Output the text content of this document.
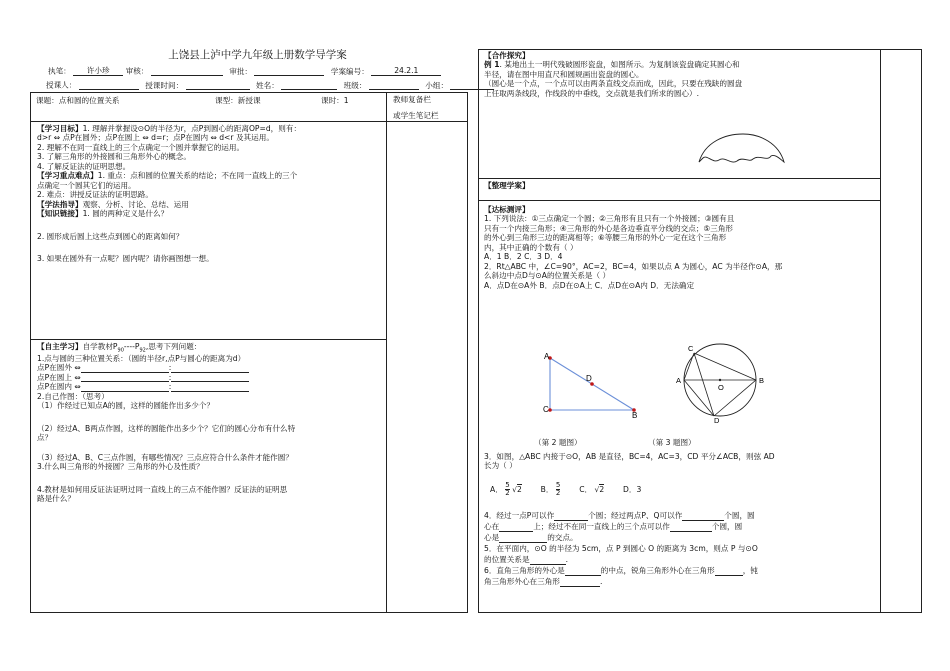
上饶县上泸中学九年级上册数学导学案
执笔： 许小珍 审核：	审批：	学案编号：	24.2.1
授课人：	授课时间：	姓名：	班级：	小组：
课题：点和圆的位置关系	课型：新授课	课时：1	教师复备栏
或学生笔记栏
【学习目标】1. 理解并掌握设⊙O的半径为r，点P到圆心的距离OP=d，则有：
d>r ⇔ 点P在圆外；点P在圆上 ⇔ d=r；点P在圆内 ⇔ d<r 及其运用。
2. 理解不在同一直线上的三个点确定一个圆并掌握它的运用。
3. 了解三角形的外接圆和三角形外心的概念。
4. 了解反证法的证明思想。
【学习重点难点】1. 重点：点和圆的位置关系的结论；不在同一直线上的三个
点确定一个圆其它们的运用。
2. 难点：讲授反证法的证明思路。
【学法指导】观察、分析、讨论、总结、运用
【知识链接】1. 圆的两种定义是什么？
2. 圆形成后圆上这些点到圆心的距离如何？
3. 如果在圆外有一点呢？圆内呢？请你画图想一想。
【自主学习】自学教材$P_{90}----P_{92}$,思考下列问题：
1.点与圆的三种位置关系：（圆的半径r,点P与圆心的距离为d）
点P在圆外 ⇔	:
点P在圆上 ⇔	:
点P在圆内 ⇔	:
2.自己作图：（思考）
（1）作经过已知点A的圆，这样的圆能作出多少个？
（2）经过A、B两点作圆，这样的圆能作出多少个？它们的圆心分布有什么特
点？
（3）经过A、B、C三点作圆，有哪些情况？三点应符合什么条件才能作圆？
3.什么叫三角形的外接圆？三角形的外心及性质？
4.教材是如何用反证法证明过同一直线上的三点不能作圆？反证法的证明思
路是什么？
【合作探究】
例 1. 某地出土一明代残破圆形瓷盘，如图所示。为复制该瓷盘确定其圆心和
半径，请在图中用直尺和圆规画出瓷盘的圆心。
（圆心是一个点，一个点可以由两条直线交点而成，因此，只要在残缺的圆盘
上任取两条线段，作线段的中垂线，交点就是我们所求的圆心）.
【整理学案】
【达标测评】
1. 下列说法：①三点确定一个圆；②三角形有且只有一个外接圆；③圆有且
只有一个内接三角形；④三角形的外心是各边垂直平分线的交点；⑤三角形
的外心到三角形三边的距离相等；⑥等腰三角形的外心一定在这个三角形
内，其中正确的个数有（ ）
A．1 B．2 C．3 D．4
2．Rt△ABC 中，∠C=90°，AC=2，BC=4，如果以点 A 为圆心，AC 为半径作⊙A，那
么斜边中点D与⊙A的位置关系是（ ）
A．点D在⊙A外 B．点D在⊙A上 C．点D在⊙A内 D．无法确定
A
C
B
D	A	B
C
D
O
（第 2 题图）	（第 3 题图）
3．如图，△ABC 内接于⊙O，AB 是直径，BC=4，AC=3，CD 平分∠ACB，则弦 AD
长为（ ）
A． $\frac{5}{2} √2$ B． $\frac{5}{2}$ C． √2 D．3
4．经过一点P可以作	个圆；经过两点P、Q可以作	个圆，圆
心在	上；经过不在同一直线上的三个点可以作	个圆，圆
心是	的交点。
5．在平面内，⊙O 的半径为 5cm，点 P 到圆心 O 的距离为 3cm，则点 P 与⊙O
的位置关系是	.
6．直角三角形的外心是	的中点，锐角三角形外心在三角形	，钝
角三角形外心在三角形	.
